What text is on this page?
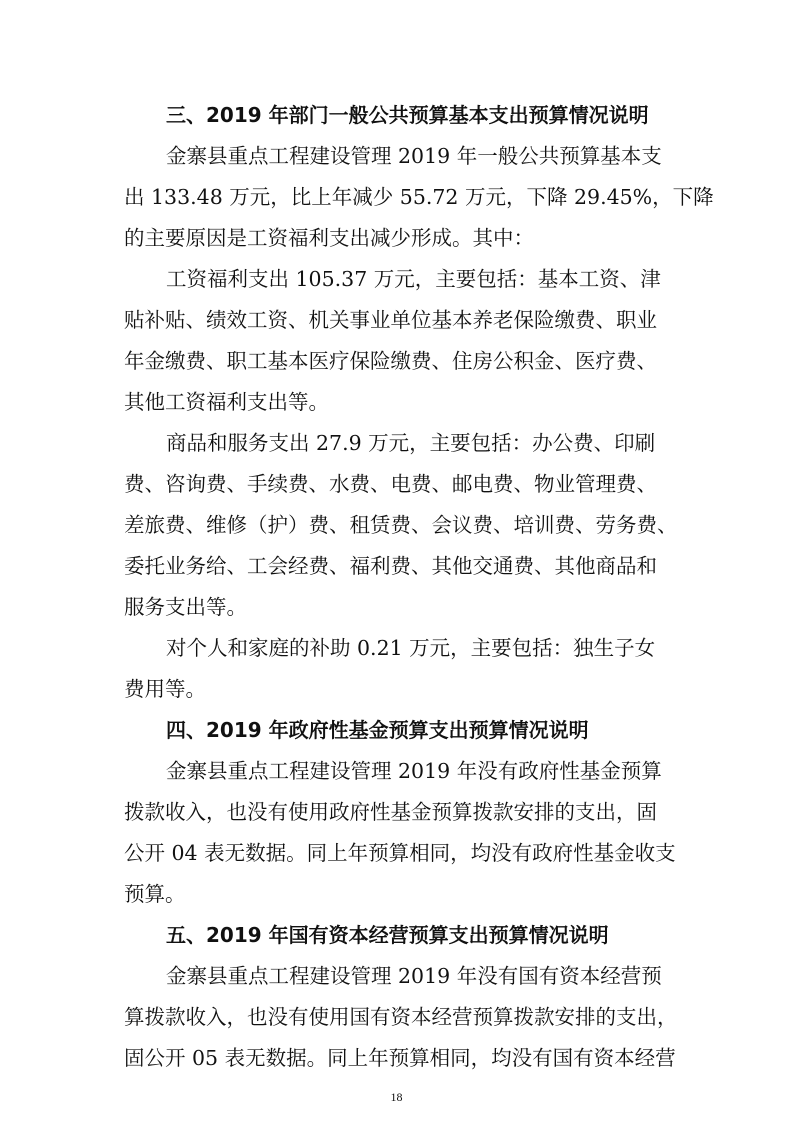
三、2019 年部门一般公共预算基本支出预算情况说明
金寨县重点工程建设管理 2019 年一般公共预算基本支
出 133.48 万元，比上年减少 55.72 万元，下降 29.45%，下降
的主要原因是工资福利支出减少形成。其中：
工资福利支出 105.37 万元，主要包括：基本工资、津
贴补贴、绩效工资、机关事业单位基本养老保险缴费、职业
年金缴费、职工基本医疗保险缴费、住房公积金、医疗费、
其他工资福利支出等。
商品和服务支出 27.9 万元，主要包括：办公费、印刷
费、咨询费、手续费、水费、电费、邮电费、物业管理费、
差旅费、维修（护）费、租赁费、会议费、培训费、劳务费、
委托业务给、工会经费、福利费、其他交通费、其他商品和
服务支出等。
对个人和家庭的补助 0.21 万元，主要包括：独生子女
费用等。
四、2019 年政府性基金预算支出预算情况说明
金寨县重点工程建设管理 2019 年没有政府性基金预算
拨款收入，也没有使用政府性基金预算拨款安排的支出，固
公开 04 表无数据。同上年预算相同，均没有政府性基金收支
预算。
五、2019 年国有资本经营预算支出预算情况说明
金寨县重点工程建设管理 2019 年没有国有资本经营预
算拨款收入，也没有使用国有资本经营预算拨款安排的支出，
固公开 05 表无数据。同上年预算相同，均没有国有资本经营
18
